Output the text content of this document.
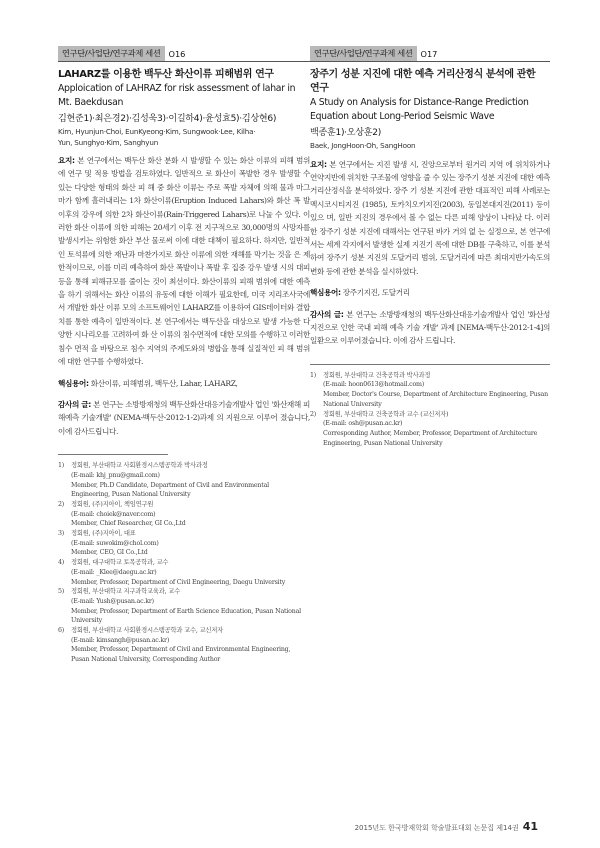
연구단/사업단/연구과제 세션 O16
LAHARZ를 이용한 백두산 화산이류 피해범위 연구
Apploication of LAHRAZ for risk assessment of lahar in
Mt. Baekdusan
김현준1)·최은경2)·김성욱3)·이길하4)·윤성효5)·김상현6)
Kim, Hyunjun·Choi, EunKyeong·Kim, Sungwook·Lee, Kilha·
Yun, Sunghyo·Kim, Sanghyun
요지: 본 연구에서는 백두산 화산 분화 시 발생할 수 있는 화산 이류의 피해 범위에 연구 및 적용 방법을 검토하였다. 일반적으 로 화산이 폭발한 경우 발생할 수 있는 다양한 형태의 화산 피 해 중 화산 이류는 주로 폭발 자체에 의해 물과 마그마가 함께 흘러내리는 1차 화산이류(Eruption Induced Lahars)와 화산 폭 발 이후의 강우에 의한 2차 화산이류(Rain-Triggered Lahars)로 나눌 수 있다. 이러한 화산 이류에 의한 피해는 20세기 이후 전 지구적으로 30,000명의 사망자를 발생시키는 위험한 화산 부산 물로써 이에 대한 대책이 필요하다. 하지만, 일반적인 토석류에 의한 재난과 마찬가지로 화산 이류에 의한 재해를 막기는 것을 은 제한적이므로, 이를 미리 예측하여 화산 폭발이나 폭발 후 집중 강우 발생 시의 대피 등을 통해 피해규모를 줄이는 것이 최선이다. 화산이류의 피해 범위에 대한 예측을 하기 위해서는 화산 이류의 유동에 대한 이해가 필요한데, 미국 지리조사국에 서 개발한 화산 이류 모의 소프트웨어인 LAHARZ를 이용하여 GIS데이터와 결합치를 통한 예측이 일반적이다. 본 연구에서는 백두산을 대상으로 발생 가능한 다양한 시나리오를 고려하여 화 산 이류의 침수면적에 대한 모의를 수행하고 이러한 침수 면적 을 바탕으로 침수 지역의 주계도와의 병합을 통해 실질적인 피 해 범위에 대한 연구를 수행하였다.
핵심용어: 화산이류, 피해범위, 백두산, Lahar, LAHARZ,
감사의 글: 본 연구는 소방방재청의 백두산화산대응기술개발사 업인 '화산재해 피해예측 기술개발' (NEMA-백두산-2012-1-2)과제 의 지원으로 이루어 졌습니다, 이에 감사드립니다.
1)	정회원, 부산대학교 사회환경시스템공학과 박사과정
(E-mail: khj_pnu@gmail.com)
Member, Ph.D Candidate, Department of Civil and Environmental
Engineering, Pusan National University
2)	정회원, (주)지아이, 책임연구원
(E-mail: choiek@naver.com)
Member, Chief Researcher, GI Co.,Ltd
3)	정회원, (주)지아이, 대표
(E-mail: suwokim@chol.com)
Member, CEO, GI Co.,Ltd
4)	정회원, 대구대학교 토목공학과, 교수
(E-mail: _Klee@daegu.ac.kr)
Member, Professor, Department of Civil Engineering, Daegu University
5)	정회원, 부산대학교 지구과학교육과, 교수
(E-mail: Yush@pusan.ac.kr)
Member, Professor, Department of Earth Science Education, Pusan National
University
6)	정회원, 부산대학교 사회환경시스템공학과 교수, 교신저자
(E-mail: kimsangh@pusan.ac.kr)
Member, Professor, Department of Civil and Environmental Engineering,
Pusan National University, Corresponding Author
연구단/사업단/연구과제 세션 O17
장주기 성분 지진에 대한 예측 거리산정식 분석에 관한
연구
A Study on Analysis for Distance-Range Prediction
Equation about Long-Period Seismic Wave
백종훈1)·오상훈2)
Baek, JongHoon·Oh, SangHoon
요지: 본 연구에서는 지진 발생 시, 진앙으로부터 원거리 지역 에 위치하거나 연약지반에 위치한 구조물에 영향을 줄 수 있는 장주기 성분 지진에 대한 예측 거리산정식을 분석하였다. 장주 기 성분 지진에 관한 대표적인 피해 사례로는 멕시코시티지진 (1985), 토카치오키지진(2003), 동일본대지진(2011) 등이 있으 며, 일반 지진의 경우에서 볼 수 없는 다른 피해 양상이 나타났 다. 이러한 장주기 성분 지진에 대해서는 연구된 바가 거의 없 는 실정으로, 본 연구에서는 세계 각지에서 발생한 실제 지진기 록에 대한 DB를 구축하고, 이를 분석하여 장주기 성분 지진의 도달거리 범위, 도달거리에 따른 최대지반가속도의 변화 등에 관한 분석을 실시하였다.
핵심용어: 장주기지진, 도달거리
감사의 글: 본 연구는 소방방재청의 백두산화산대응기술개발사 업인 '화산성 지진으로 인한 국내 피해 예측 기술 개발' 과제 [NEMA-백두산-2012-1-4]의 일환으로 이루어졌습니다. 이에 감사 드립니다.
1)	정회원, 부산대학교 건축공학과 박사과정
(E-mail: hoon0613@hotmail.com)
Member, Doctor's Course, Department of Architecture Engineering, Pusan
National University
2)	정회원, 부산대학교 건축공학과 교수 (교신저자)
(E-mail: osh@pusan.ac.kr)
Corresponding Author, Member, Professor, Department of Architecture
Engineering, Pusan National University
2015년도 한국방재학회 학술발표대회 논문집 제14권 41
